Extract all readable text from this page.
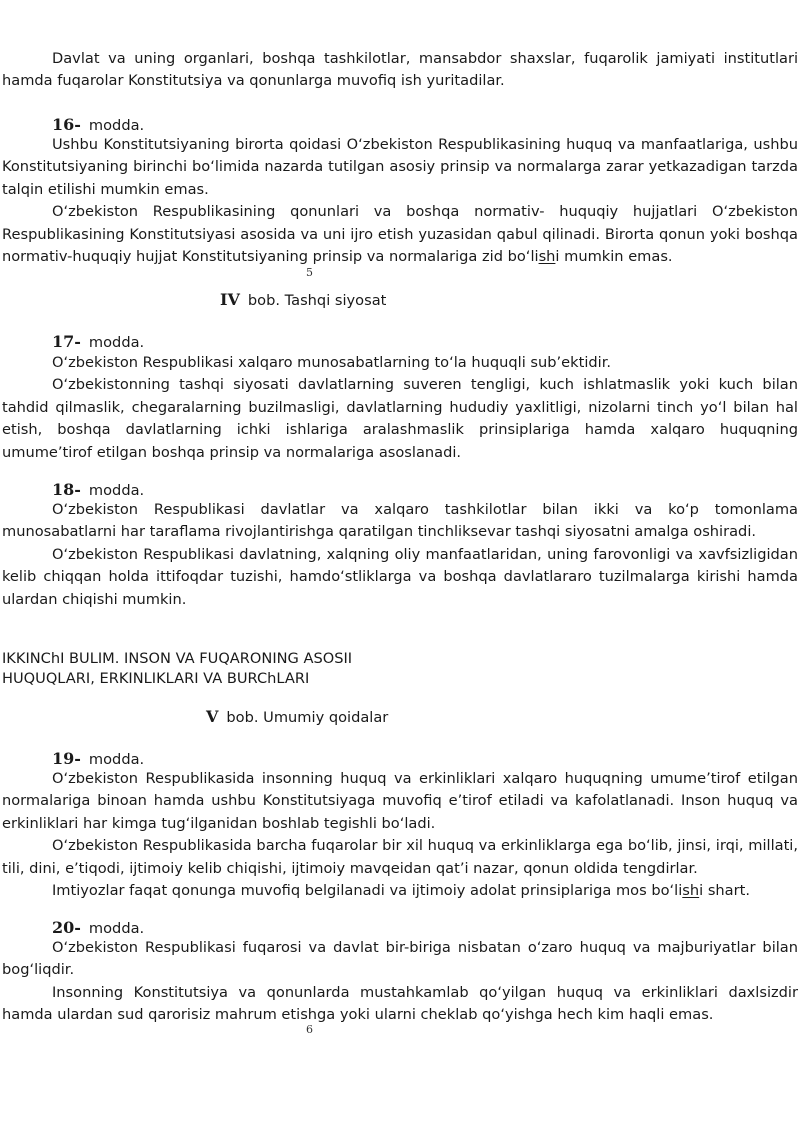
Davlat va uning organlari, boshqa tashkilotlar, mansabdor shaxslar, fuqarolik jamiyati institutlari hamda fuqarolar Konstitutsiya va qonunlarga muvofiq ish yuritadilar.

16- modda.

Ushbu Konstitutsiyaning birorta qoidasi O‘zbekiston Respublikasining huquq va manfaatlariga, ushbu Konstitutsiyaning birinchi bo‘limida nazarda tutilgan asosiy prinsip va normalarga zarar yetkazadigan tarzda talqin etilishi mumkin emas.

O‘zbekiston Respublikasining qonunlari va boshqa normativ- huquqiy hujjatlari O‘zbekiston Respublikasining Konstitutsiyasi asosida va uni ijro etish yuzasidan qabul qilinadi. Birorta qonun yoki boshqa normativ-huquqiy hujjat Konstitutsiyaning prinsip va normalariga zid bo‘lishi mumkin emas.

5
IV bob. Tashqi siyosat
17- modda.

O‘zbekiston Respublikasi xalqaro munosabatlarning to‘la huquqli sub’ektidir.

O‘zbekistonning tashqi siyosati davlatlarning suveren tengligi, kuch ishlatmaslik yoki kuch bilan tahdid qilmaslik, chegaralarning buzilmasligi, davlatlarning hududiy yaxlitligi, nizolarni tinch yo‘l bilan hal etish, boshqa davlatlarning ichki ishlariga aralashmaslik prinsiplariga hamda xalqaro huquqning umume’tirof etilgan boshqa prinsip va normalariga asoslanadi.

18- modda.

O‘zbekiston Respublikasi davlatlar va xalqaro tashkilotlar bilan ikki va ko‘p tomonlama munosabatlarni har taraflama rivojlantirishga qaratilgan tinchliksevar tashqi siyosatni amalga oshiradi.

O‘zbekiston Respublikasi davlatning, xalqning oliy manfaatlaridan, uning farovonligi va xavfsizligidan kelib chiqqan holda ittifoqdar tuzishi, hamdo‘stliklarga va boshqa davlatlararo tuzilmalarga kirishi hamda ulardan chiqishi mumkin.

IKKINChI BULIM. INSON VA FUQARONING ASOSII
HUQUQLARI, ERKINLIKLARI VA BURChLARI
V bob. Umumiy qoidalar
19- modda.

O‘zbekiston Respublikasida insonning huquq va erkinliklari xalqaro huquqning umume’tirof etilgan normalariga binoan hamda ushbu Konstitutsiyaga muvofiq e’tirof etiladi va kafolatlanadi. Inson huquq va erkinliklari har kimga tug‘ilganidan boshlab tegishli bo‘ladi.

O‘zbekiston Respublikasida barcha fuqarolar bir xil huquq va erkinliklarga ega bo‘lib, jinsi, irqi, millati, tili, dini, e’tiqodi, ijtimoiy kelib chiqishi, ijtimoiy mavqeidan qat’i nazar, qonun oldida tengdirlar.

Imtiyozlar faqat qonunga muvofiq belgilanadi va ijtimoiy adolat prinsiplariga mos bo‘lishi shart.

20- modda.

O‘zbekiston Respublikasi fuqarosi va davlat bir-biriga nisbatan o‘zaro huquq va majburiyatlar bilan bog‘liqdir.

Insonning Konstitutsiya va qonunlarda mustahkamlab qo‘yilgan huquq va erkinliklari daxlsizdir hamda ulardan sud qarorisiz mahrum etishga yoki ularni cheklab qo‘yishga hech kim haqli emas.

6
